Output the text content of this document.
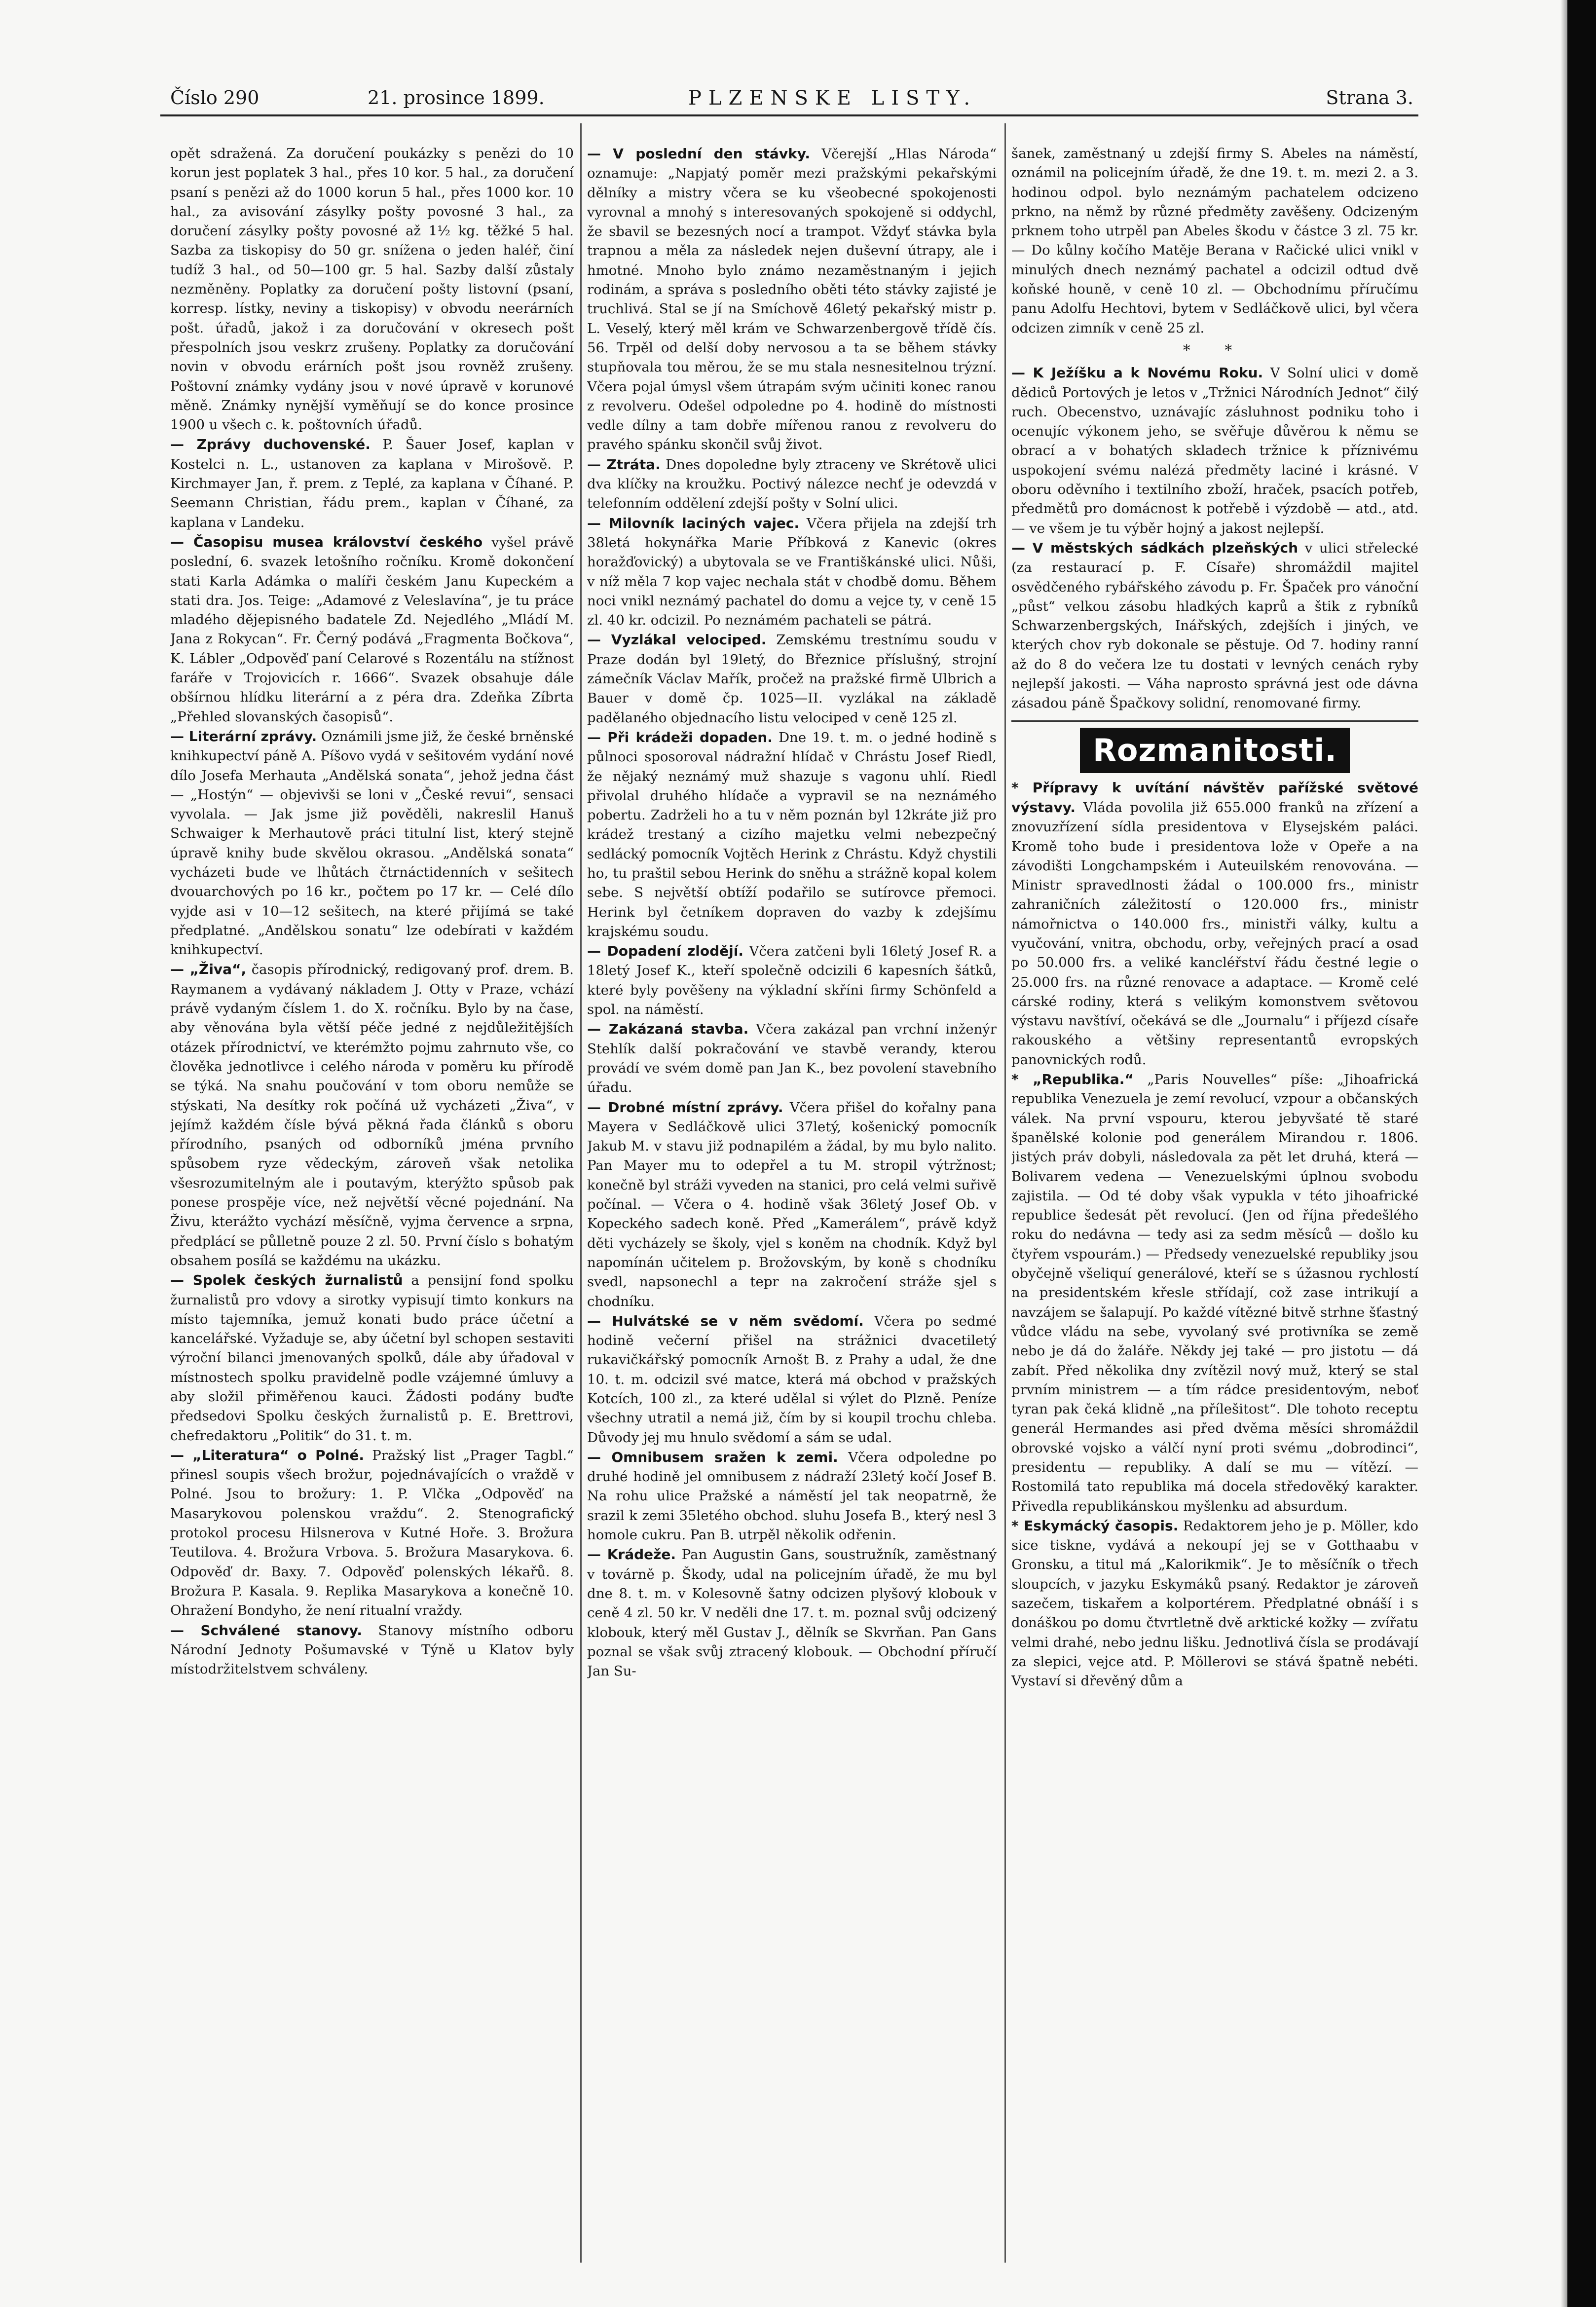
Číslo 290	21. prosince 1899.	PLZENSKE LISTY.	Strana 3.

opět sdražená. Za doručení poukázky s penězi do 10 korun jest poplatek 3 hal., přes 10 kor. 5 hal., za doručení psaní s penězi až do 1000 korun 5 hal., přes 1000 kor. 10 hal., za avisování zásylky pošty povosné 3 hal., za doručení zásylky pošty povosné až 1½ kg. těžké 5 hal. Sazba za tiskopisy do 50 gr. snížena o jeden haléř, činí tudíž 3 hal., od 50—100 gr. 5 hal. Sazby další zůstaly nezměněny. Poplatky za doručení pošty listovní (psaní, korresp. lístky, neviny a tiskopisy) v obvodu neerárních pošt. úřadů, jakož i za doručování v okresech pošt přespolních jsou veskrz zrušeny. Poplatky za doručování novin v obvodu erárních pošt jsou rovněž zrušeny. Poštovní známky vydány jsou v nové úpravě v korunové měně. Známky nynější vyměňují se do konce prosince 1900 u všech c. k. poštovních úřadů.

— Zprávy duchovenské. P. Šauer Josef, kaplan v Kostelci n. L., ustanoven za kaplana v Mirošově. P. Kirchmayer Jan, ř. prem. z Teplé, za kaplana v Číhané. P. Seemann Christian, řádu prem., kaplan v Číhané, za kaplana v Landeku.

— Časopisu musea království českého vyšel právě poslední, 6. svazek letošního ročníku. Kromě dokončení stati Karla Adámka o malíři českém Janu Kupeckém a stati dra. Jos. Teige: „Adamové z Veleslavína“, je tu práce mladého dějepisného badatele Zd. Nejedlého „Mládí M. Jana z Rokycan“. Fr. Černý podává „Fragmenta Bočkova“, K. Lábler „Odpověď paní Celarové s Rozentálu na stížnost faráře v Trojovicích r. 1666“. Svazek obsahuje dále obšírnou hlídku literární a z péra dra. Zdeňka Zíbrta „Přehled slovanských časopisů“.

— Literární zprávy. Oznámili jsme již, že české brněnské knihkupectví páně A. Píšovo vydá v sešitovém vydání nové dílo Josefa Merhauta „Andělská sonata“, jehož jedna část — „Hostýn“ — objevivši se loni v „České revui“, sensaci vyvolala. — Jak jsme již pověděli, nakreslil Hanuš Schwaiger k Merhautově práci titulní list, který stejně úpravě knihy bude skvělou okrasou. „Andělská sonata“ vycházeti bude ve lhůtách čtrnáctidenních v sešitech dvouarchových po 16 kr., počtem po 17 kr. — Celé dílo vyjde asi v 10—12 sešitech, na které přijímá se také předplatné. „Andělskou sonatu“ lze odebírati v každém knihkupectví.

— „Živa“, časopis přírodnický, redigovaný prof. drem. B. Raymanem a vydávaný nákladem J. Otty v Praze, vchází právě vydaným číslem 1. do X. ročníku. Bylo by na čase, aby věnována byla větší péče jedné z nejdůležitějších otázek přírodnictví, ve kterémžto pojmu zahrnuto vše, co člověka jednotlivce i celého národa v poměru ku přírodě se týká. Na snahu poučování v tom oboru nemůže se stýskati, Na desítky rok počíná už vycházeti „Živa“, v jejímž každém čísle bývá pěkná řada článků s oboru přírodního, psaných od odborníků jména prvního spůsobem ryze vědeckým, zároveň však netolika všesrozumitelným ale i poutavým, kterýžto spůsob pak ponese prospěje více, než největší věcné pojednání. Na Živu, kterážto vychází měsíčně, vyjma července a srpna, předplácí se půlletně pouze 2 zl. 50. První číslo s bohatým obsahem posílá se každému na ukázku.

— Spolek českých žurnalistů a pensijní fond spolku žurnalistů pro vdovy a sirotky vypisují timto konkurs na místo tajemníka, jemuž konati budo práce účetní a kancelářské. Vyžaduje se, aby účetní byl schopen sestaviti výroční bilanci jmenovaných spolků, dále aby úřadoval v místnostech spolku pravidelně podle vzájemné úmluvy a aby složil přiměřenou kauci. Žádosti podány buďte předsedovi Spolku českých žurnalistů p. E. Brettrovi, chefredaktoru „Politik“ do 31. t. m.

— „Literatura“ o Polné. Pražský list „Prager Tagbl.“ přinesl soupis všech brožur, pojednávajících o vraždě v Polné. Jsou to brožury: 1. P. Vlčka „Odpověď na Masarykovou polenskou vraždu“. 2. Stenografický protokol procesu Hilsnerova v Kutné Hoře. 3. Brožura Teutilova. 4. Brožura Vrbova. 5. Brožura Masarykova. 6. Odpověď dr. Baxy. 7. Odpověď polenských lékařů. 8. Brožura P. Kasala. 9. Replika Masarykova a konečně 10. Ohražení Bondyho, že není ritualní vraždy.

— Schválené stanovy. Stanovy místního odboru Národní Jednoty Pošumavské v Týně u Klatov byly místodržitelstvem schváleny.

— V poslední den stávky. Včerejší „Hlas Národa“ oznamuje: „Napjatý poměr mezi pražskými pekařskými dělníky a mistry včera se ku všeobecné spokojenosti vyrovnal a mnohý s interesovaných spokojeně si oddychl, že sbavil se bezesných nocí a trampot. Vždyť stávka byla trapnou a měla za následek nejen duševní útrapy, ale i hmotné. Mnoho bylo známo nezaměstnaným i jejich rodinám, a správa s posledního oběti této stávky zajisté je truchlivá. Stal se jí na Smíchově 46letý pekařský mistr p. L. Veselý, který měl krám ve Schwarzenbergově třídě čís. 56. Trpěl od delší doby nervosou a ta se během stávky stupňovala tou měrou, že se mu stala nesnesitelnou trýzní. Včera pojal úmysl všem útrapám svým učiniti konec ranou z revolveru. Odešel odpoledne po 4. hodině do místnosti vedle dílny a tam dobře mířenou ranou z revolveru do pravého spánku skončil svůj život.

— Ztráta. Dnes dopoledne byly ztraceny ve Skrétově ulici dva klíčky na kroužku. Poctivý nálezce nechť je odevzdá v telefonním oddělení zdejší pošty v Solní ulici.

— Milovník laciných vajec. Včera přijela na zdejší trh 38letá hokynářka Marie Příbková z Kanevic (okres horažďovický) a ubytovala se ve Františkánské ulici. Nůši, v níž měla 7 kop vajec nechala stát v chodbě domu. Během noci vnikl neznámý pachatel do domu a vejce ty, v ceně 15 zl. 40 kr. odcizil. Po neznámém pachateli se pátrá.

— Vyzlákal velociped. Zemskému trestnímu soudu v Praze dodán byl 19letý, do Březnice příslušný, strojní zámečník Václav Mařík, pročež na pražské firmě Ulbrich a Bauer v domě čp. 1025—II. vyzlákal na základě padělaného objednacího listu velociped v ceně 125 zl.

— Při krádeži dopaden. Dne 19. t. m. o jedné hodině s půlnoci sposoroval nádražní hlídač v Chrástu Josef Riedl, že nějaký neznámý muž shazuje s vagonu uhlí. Riedl přivolal druhého hlídače a vypravil se na neznámého pobertu. Zadrželi ho a tu v něm poznán byl 12kráte již pro krádež trestaný a cizího majetku velmi nebezpečný sedlácký pomocník Vojtěch Herink z Chrástu. Když chystili ho, tu praštil sebou Herink do sněhu a strážně kopal kolem sebe. S největší obtíží podařilo se sutírovce přemoci. Herink byl četníkem dopraven do vazby k zdejšímu krajskému soudu.

— Dopadení zlodějí. Včera zatčeni byli 16letý Josef R. a 18letý Josef K., kteří společně odcizili 6 kapesních šátků, které byly pověšeny na výkladní skříni firmy Schönfeld a spol. na náměstí.

— Zakázaná stavba. Včera zakázal pan vrchní inženýr Stehlík další pokračování ve stavbě verandy, kterou provádí ve svém domě pan Jan K., bez povolení stavebního úřadu.

— Drobné místní zprávy. Včera přišel do kořalny pana Mayera v Sedláčkově ulici 37letý, košenický pomocník Jakub M. v stavu již podnapilém a žádal, by mu bylo nalito. Pan Mayer mu to odepřel a tu M. stropil výtržnost; konečně byl stráži vyveden na stanici, pro celá velmi suřivě počínal. — Včera o 4. hodině však 36letý Josef Ob. v Kopeckého sadech koně. Před „Kamerálem“, právě když děti vycházely se školy, vjel s koněm na chodník. Když byl napomínán učitelem p. Brožovským, by koně s chodníku svedl, napsonechl a tepr na zakročení stráže sjel s chodníku.

— Hulvátské se v něm svědomí. Včera po sedmé hodině večerní přišel na strážnici dvacetiletý rukavičkářský pomocník Arnošt B. z Prahy a udal, že dne 10. t. m. odcizil své matce, která má obchod v pražských Kotcích, 100 zl., za které udělal si výlet do Plzně. Peníze všechny utratil a nemá již, čím by si koupil trochu chleba. Důvody jej mu hnulo svědomí a sám se udal.

— Omnibusem sražen k zemi. Včera odpoledne po druhé hodině jel omnibusem z nádraží 23letý kočí Josef B. Na rohu ulice Pražské a náměstí jel tak neopatrně, že srazil k zemi 35letého obchod. sluhu Josefa B., který nesl 3 homole cukru. Pan B. utrpěl několik odřenin.

— Krádeže. Pan Augustin Gans, soustružník, zaměstnaný v továrně p. Škody, udal na policejním úřadě, že mu byl dne 8. t. m. v Kolesovně šatny odcizen plyšový klobouk v ceně 4 zl. 50 kr. V neděli dne 17. t. m. poznal svůj odcizený klobouk, který měl Gustav J., dělník se Skvrňan. Pan Gans poznal se však svůj ztracený klobouk. — Obchodní příručí Jan Su-

šanek, zaměstnaný u zdejší firmy S. Abeles na náměstí, oznámil na policejním úřadě, že dne 19. t. m. mezi 2. a 3. hodinou odpol. bylo neznámým pachatelem odcizeno prkno, na němž by různé předměty zavěšeny. Odcizeným prknem toho utrpěl pan Abeles škodu v částce 3 zl. 75 kr. — Do kůlny kočího Matěje Berana v Račické ulici vnikl v minulých dnech neznámý pachatel a odcizil odtud dvě koňské houně, v ceně 10 zl. — Obchodnímu příručímu panu Adolfu Hechtovi, bytem v Sedláčkově ulici, byl včera odcizen zimník v ceně 25 zl.

* *

— K Ježíšku a k Novému Roku. V Solní ulici v domě dědiců Portových je letos v „Tržnici Národních Jednot“ čilý ruch. Obecenstvo, uznávajíc zásluhnost podniku toho i ocenujíc výkonem jeho, se svěřuje důvěrou k němu se obrací a v bohatých skladech tržnice k příznivému uspokojení svému nalézá předměty laciné i krásné. V oboru oděvního i textilního zboží, hraček, psacích potřeb, předmětů pro domácnost k potřebě i výzdobě — atd., atd. — ve všem je tu výběr hojný a jakost nejlepší.

— V městských sádkách plzeňských v ulici střelecké (za restaurací p. F. Císaře) shromáždil majitel osvědčeného rybářského závodu p. Fr. Špaček pro vánoční „půst“ velkou zásobu hladkých kaprů a štik z rybníků Schwarzenbergských, Inářských, zdejších i jiných, ve kterých chov ryb dokonale se pěstuje. Od 7. hodiny ranní až do 8 do večera lze tu dostati v levných cenách ryby nejlepší jakosti. — Váha naprosto správná jest ode dávna zásadou páně Špačkovy solidní, renomované firmy.

Rozmanitosti.

* Přípravy k uvítání návštěv pařížské světové výstavy. Vláda povolila již 655.000 franků na zřízení a znovuzřízení sídla presidentova v Elysejském paláci. Kromě toho bude i presidentova lože v Opeře a na závodišti Longchampském i Auteuilském renovována. — Ministr spravedlnosti žádal o 100.000 frs., ministr zahraničních záležitostí o 120.000 frs., ministr námořnictva o 140.000 frs., ministři války, kultu a vyučování, vnitra, obchodu, orby, veřejných prací a osad po 50.000 frs. a veliké kancléřství řádu čestné legie o 25.000 frs. na různé renovace a adaptace. — Kromě celé cárské rodiny, která s velikým komonstvem světovou výstavu navštíví, očekává se dle „Journalu“ i příjezd císaře rakouského a většiny representantů evropských panovnických rodů.

* „Republika.“ „Paris Nouvelles“ píše: „Jihoafrická republika Venezuela je zemí revolucí, vzpour a občanských válek. Na první vspouru, kterou jebyvšaté tě staré španělské kolonie pod generálem Mirandou r. 1806. jistých práv dobyli, následovala za pět let druhá, která — Bolivarem vedena — Venezuelskými úplnou svobodu zajistila. — Od té doby však vypukla v této jihoafrické republice šedesát pět revolucí. (Jen od října předešlého roku do nedávna — tedy asi za sedm měsíců — došlo ku čtyřem vspourám.) — Předsedy venezuelské republiky jsou obyčejně všeliquí generálové, kteří se s úžasnou rychlostí na presidentském křesle střídají, což zase intrikují a navzájem se šalapují. Po každé vítězné bitvě strhne šťastný vůdce vládu na sebe, vyvolaný své protivníka se země nebo je dá do žaláře. Někdy jej také — pro jistotu — dá zabít. Před několika dny zvítězil nový muž, který se stal prvním ministrem — a tím rádce presidentovým, neboť tyran pak čeká klidně „na přílešitost“. Dle tohoto receptu generál Hermandes asi před dvěma měsíci shromáždil obrovské vojsko a válčí nyní proti svému „dobrodinci“, presidentu — republiky. A dalí se mu — vítězí. — Rostomilá tato republika má docela středověký karakter. Přivedla republikánskou myšlenku ad absurdum.

* Eskymácký časopis. Redaktorem jeho je p. Möller, kdo sice tiskne, vydává a nekoupí jej se v Gotthaabu v Gronsku, a titul má „Kalorikmik“. Je to měsíčník o třech sloupcích, v jazyku Eskymáků psaný. Redaktor je zároveň sazečem, tiskařem a kolportérem. Předplatné obnáší i s donáškou po domu čtvrtletně dvě arktické kožky — zvířatu velmi drahé, nebo jednu lišku. Jednotlivá čísla se prodávají za slepici, vejce atd. P. Möllerovi se stává špatně nebéti. Vystaví si dřevěný dům a
